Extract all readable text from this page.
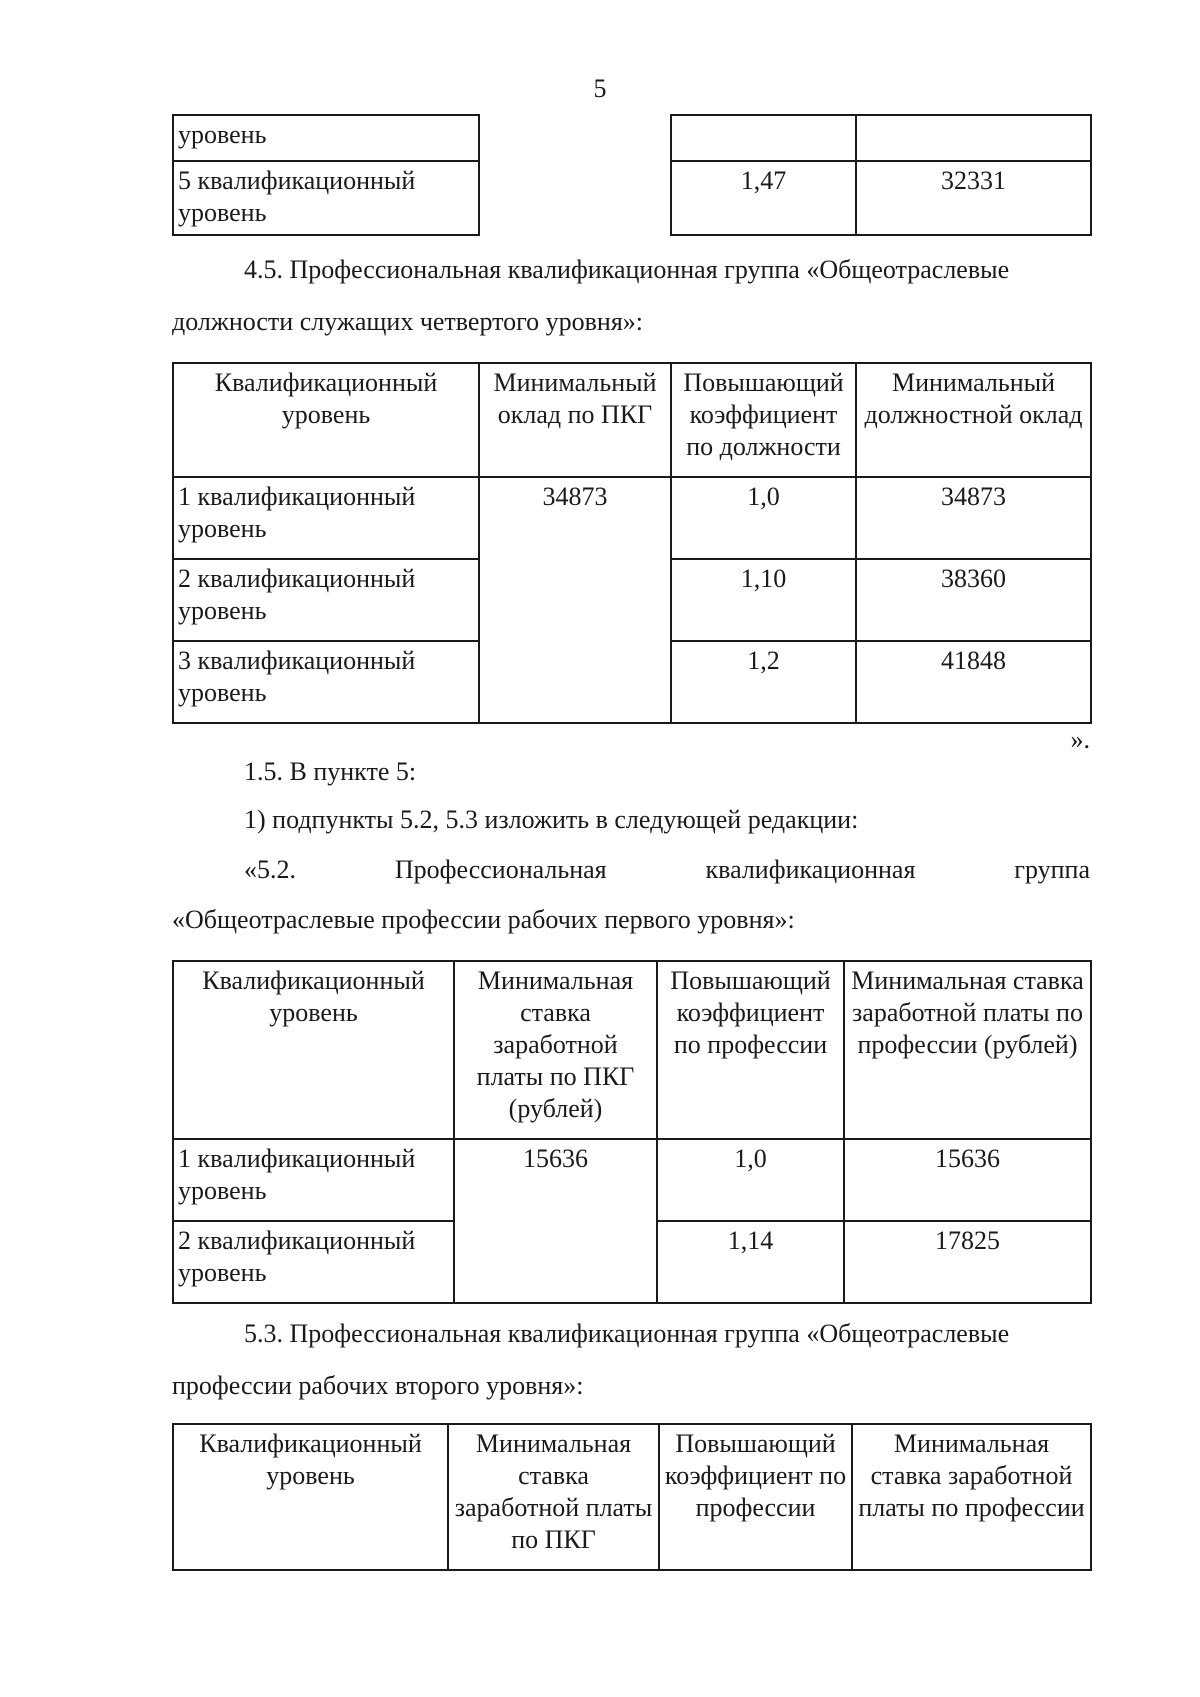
5
уровень			
5 квалификационный уровень		1,47	32331
4.5. Профессиональная квалификационная группа «Общеотраслевые
должности служащих четвертого уровня»:
Квалификационный уровень	Минимальный оклад по ПКГ	Повышающий коэффициент по должности	Минимальный должностной оклад
1 квалификационный уровень	34873	1,0	34873
2 квалификационный уровень		1,10	38360
3 квалификационный уровень		1,2	41848
».
1.5. В пункте 5:
1) подпункты 5.2, 5.3 изложить в следующей редакции:
«5.2. Профессиональная квалификационная группа
«Общеотраслевые профессии рабочих первого уровня»:
Квалификационный уровень	Минимальная ставка заработной платы по ПКГ (рублей)	Повышающий коэффициент по профессии	Минимальная ставка заработной платы по профессии (рублей)
1 квалификационный уровень	15636	1,0	15636
2 квалификационный уровень		1,14	17825
5.3. Профессиональная квалификационная группа «Общеотраслевые
профессии рабочих второго уровня»:
Квалификационный уровень	Минимальная ставка заработной платы по ПКГ	Повышающий коэффициент по профессии	Минимальная ставка заработной платы по профессии
